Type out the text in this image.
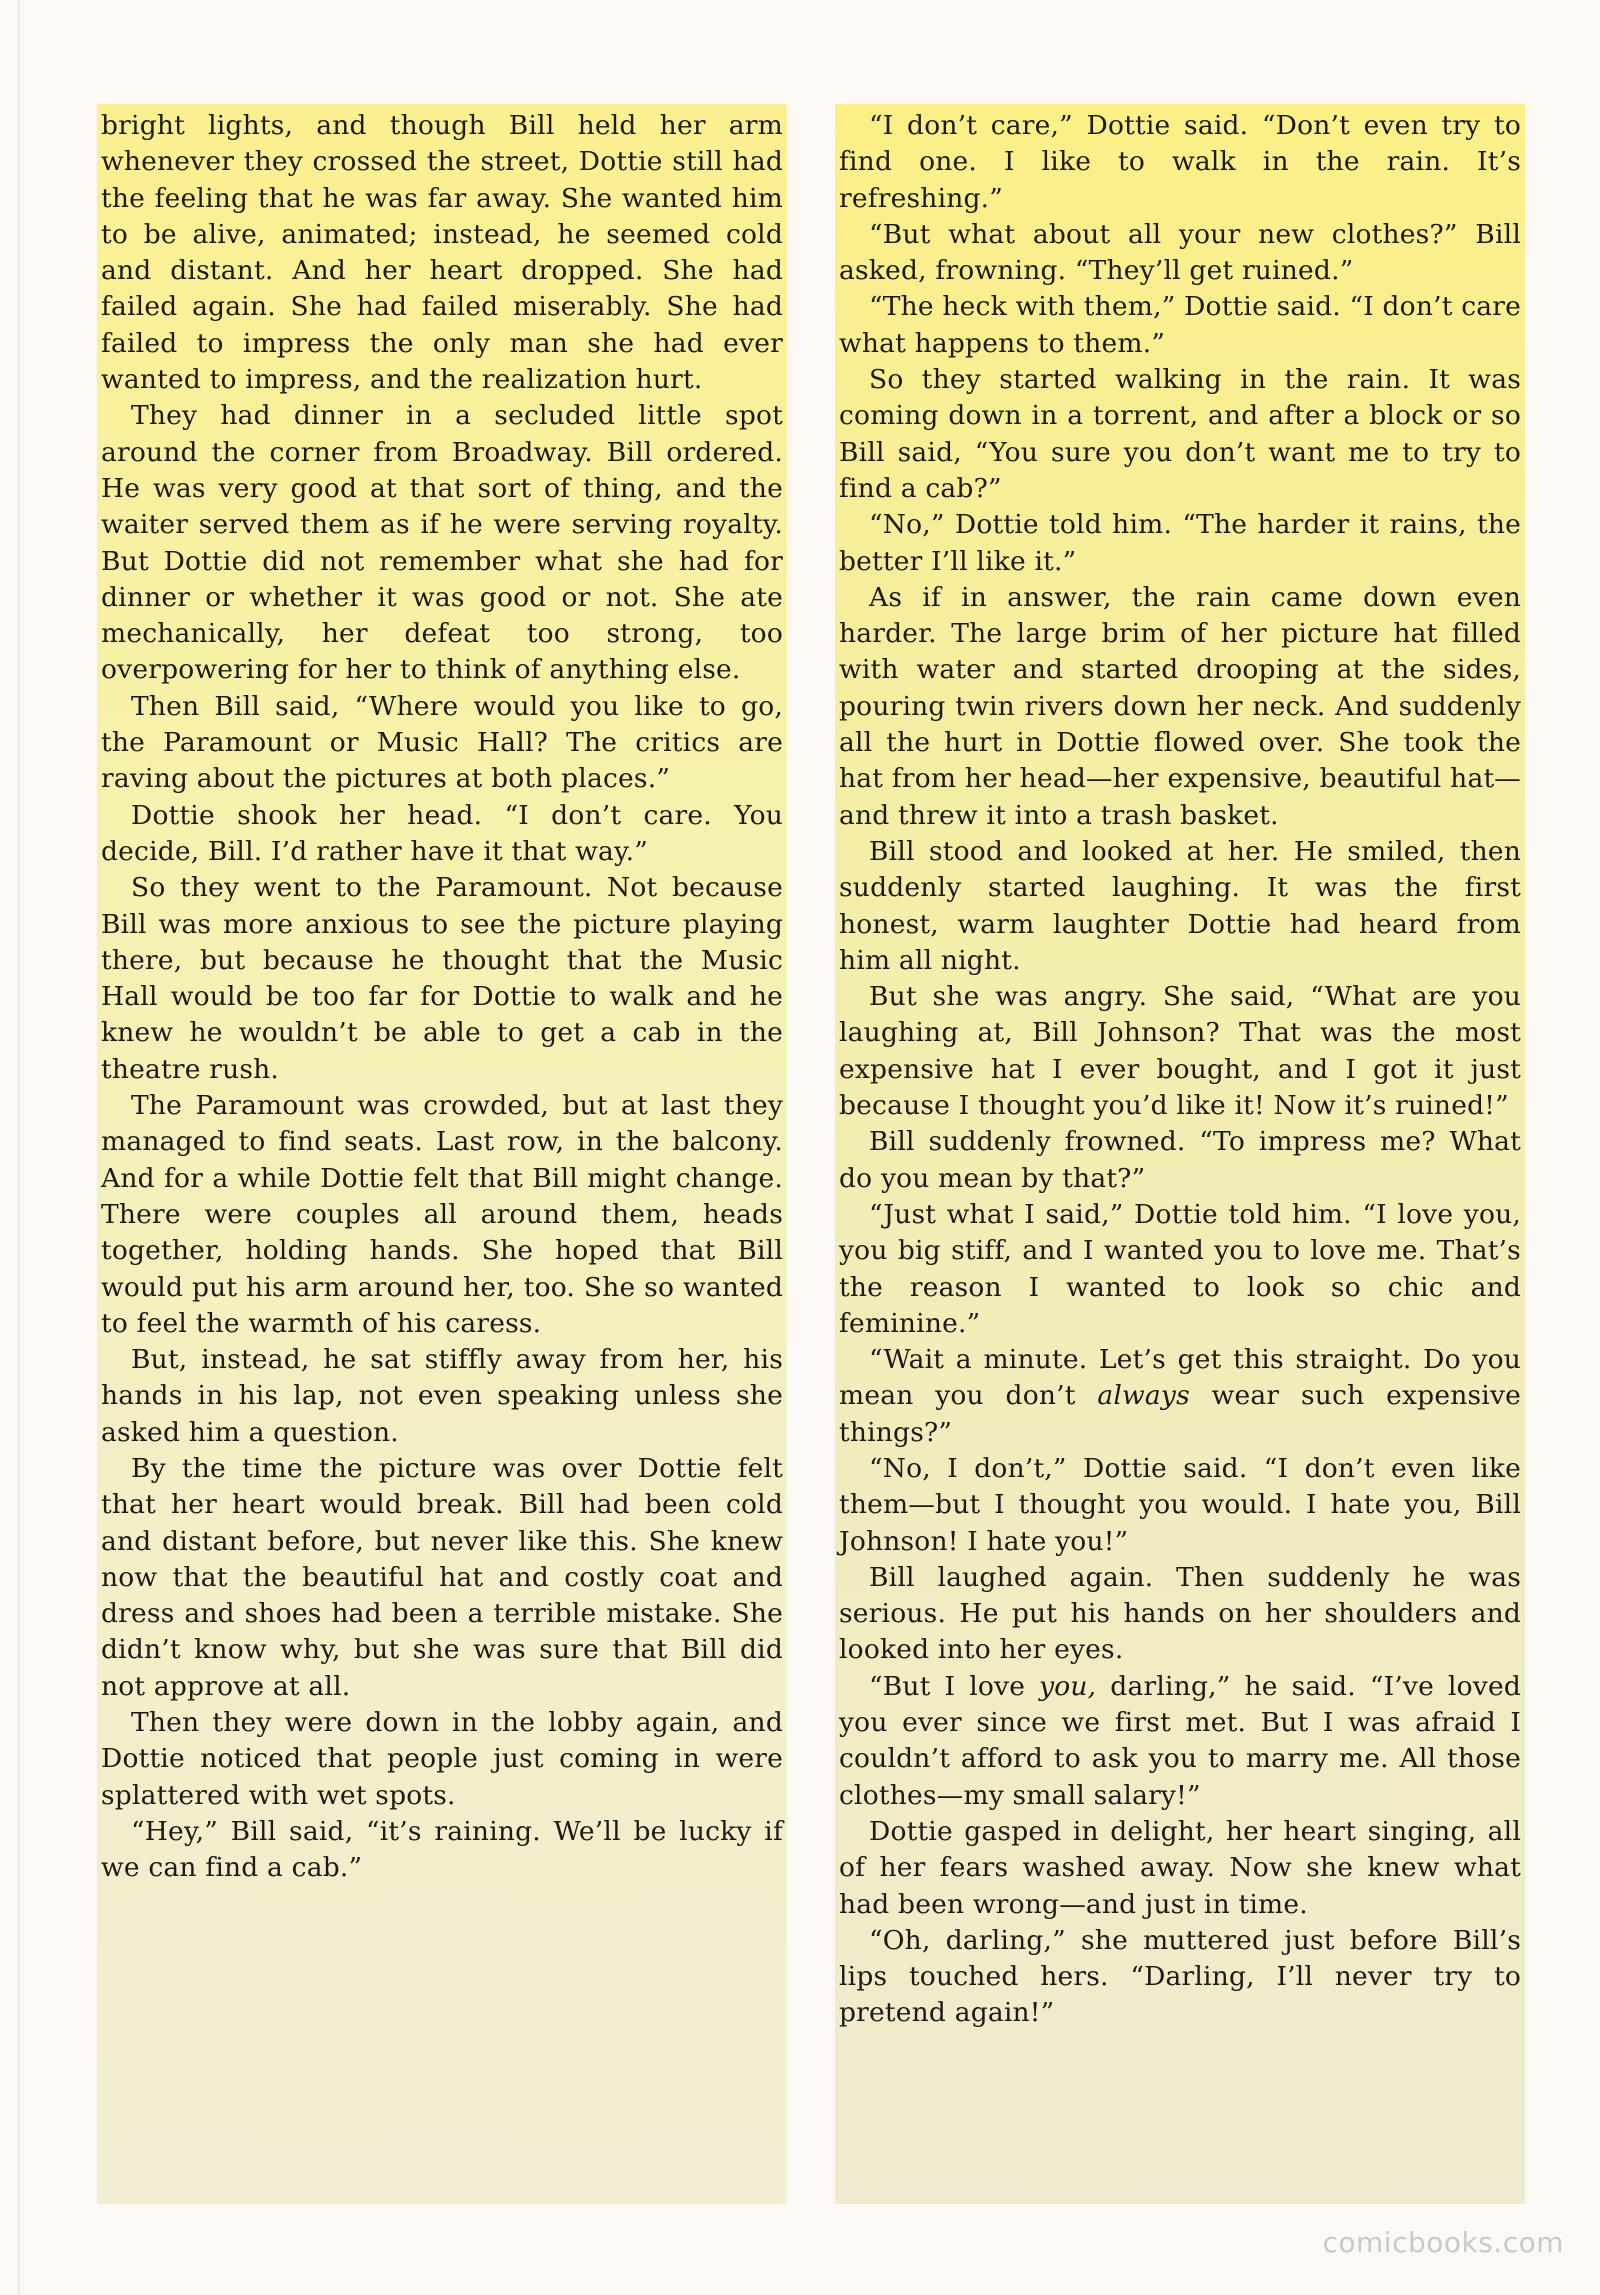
bright lights, and though Bill held her arm whenever they crossed the street, Dottie still had the feeling that he was far away. She wanted him to be alive, animated; instead, he seemed cold and distant. And her heart dropped. She had failed again. She had failed miserably. She had failed to impress the only man she had ever wanted to impress, and the realization hurt.

They had dinner in a secluded little spot around the corner from Broadway. Bill ordered. He was very good at that sort of thing, and the waiter served them as if he were serving royalty. But Dottie did not remember what she had for dinner or whether it was good or not. She ate mechanically, her defeat too strong, too overpowering for her to think of anything else.

Then Bill said, “Where would you like to go, the Paramount or Music Hall? The critics are raving about the pictures at both places.”

Dottie shook her head. “I don’t care. You decide, Bill. I’d rather have it that way.”

So they went to the Paramount. Not because Bill was more anxious to see the picture playing there, but because he thought that the Music Hall would be too far for Dottie to walk and he knew he wouldn’t be able to get a cab in the theatre rush.

The Paramount was crowded, but at last they managed to find seats. Last row, in the balcony. And for a while Dottie felt that Bill might change. There were couples all around them, heads together, holding hands. She hoped that Bill would put his arm around her, too. She so wanted to feel the warmth of his caress.

But, instead, he sat stiffly away from her, his hands in his lap, not even speaking unless she asked him a question.

By the time the picture was over Dottie felt that her heart would break. Bill had been cold and distant before, but never like this. She knew now that the beautiful hat and costly coat and dress and shoes had been a terrible mistake. She didn’t know why, but she was sure that Bill did not approve at all.

Then they were down in the lobby again, and Dottie noticed that people just coming in were splattered with wet spots.

“Hey,” Bill said, “it’s raining. We’ll be lucky if we can find a cab.”

“I don’t care,” Dottie said. “Don’t even try to find one. I like to walk in the rain. It’s refreshing.”

“But what about all your new clothes?” Bill asked, frowning. “They’ll get ruined.”

“The heck with them,” Dottie said. “I don’t care what happens to them.”

So they started walking in the rain. It was coming down in a torrent, and after a block or so Bill said, “You sure you don’t want me to try to find a cab?”

“No,” Dottie told him. “The harder it rains, the better I’ll like it.”

As if in answer, the rain came down even harder. The large brim of her picture hat filled with water and started drooping at the sides, pouring twin rivers down her neck. And suddenly all the hurt in Dottie flowed over. She took the hat from her head—her expensive, beautiful hat—and threw it into a trash basket.

Bill stood and looked at her. He smiled, then suddenly started laughing. It was the first honest, warm laughter Dottie had heard from him all night.

But she was angry. She said, “What are you laughing at, Bill Johnson? That was the most expensive hat I ever bought, and I got it just because I thought you’d like it! Now it’s ruined!”

Bill suddenly frowned. “To impress me? What do you mean by that?”

“Just what I said,” Dottie told him. “I love you, you big stiff, and I wanted you to love me. That’s the reason I wanted to look so chic and feminine.”

“Wait a minute. Let’s get this straight. Do you mean you don’t always wear such expensive things?”

“No, I don’t,” Dottie said. “I don’t even like them—but I thought you would. I hate you, Bill Johnson! I hate you!”

Bill laughed again. Then suddenly he was serious. He put his hands on her shoulders and looked into her eyes.

“But I love you, darling,” he said. “I’ve loved you ever since we first met. But I was afraid I couldn’t afford to ask you to marry me. All those clothes—my small salary!”

Dottie gasped in delight, her heart singing, all of her fears washed away. Now she knew what had been wrong—and just in time.

“Oh, darling,” she muttered just before Bill’s lips touched hers. “Darling, I’ll never try to pretend again!”

comicbooks.com
